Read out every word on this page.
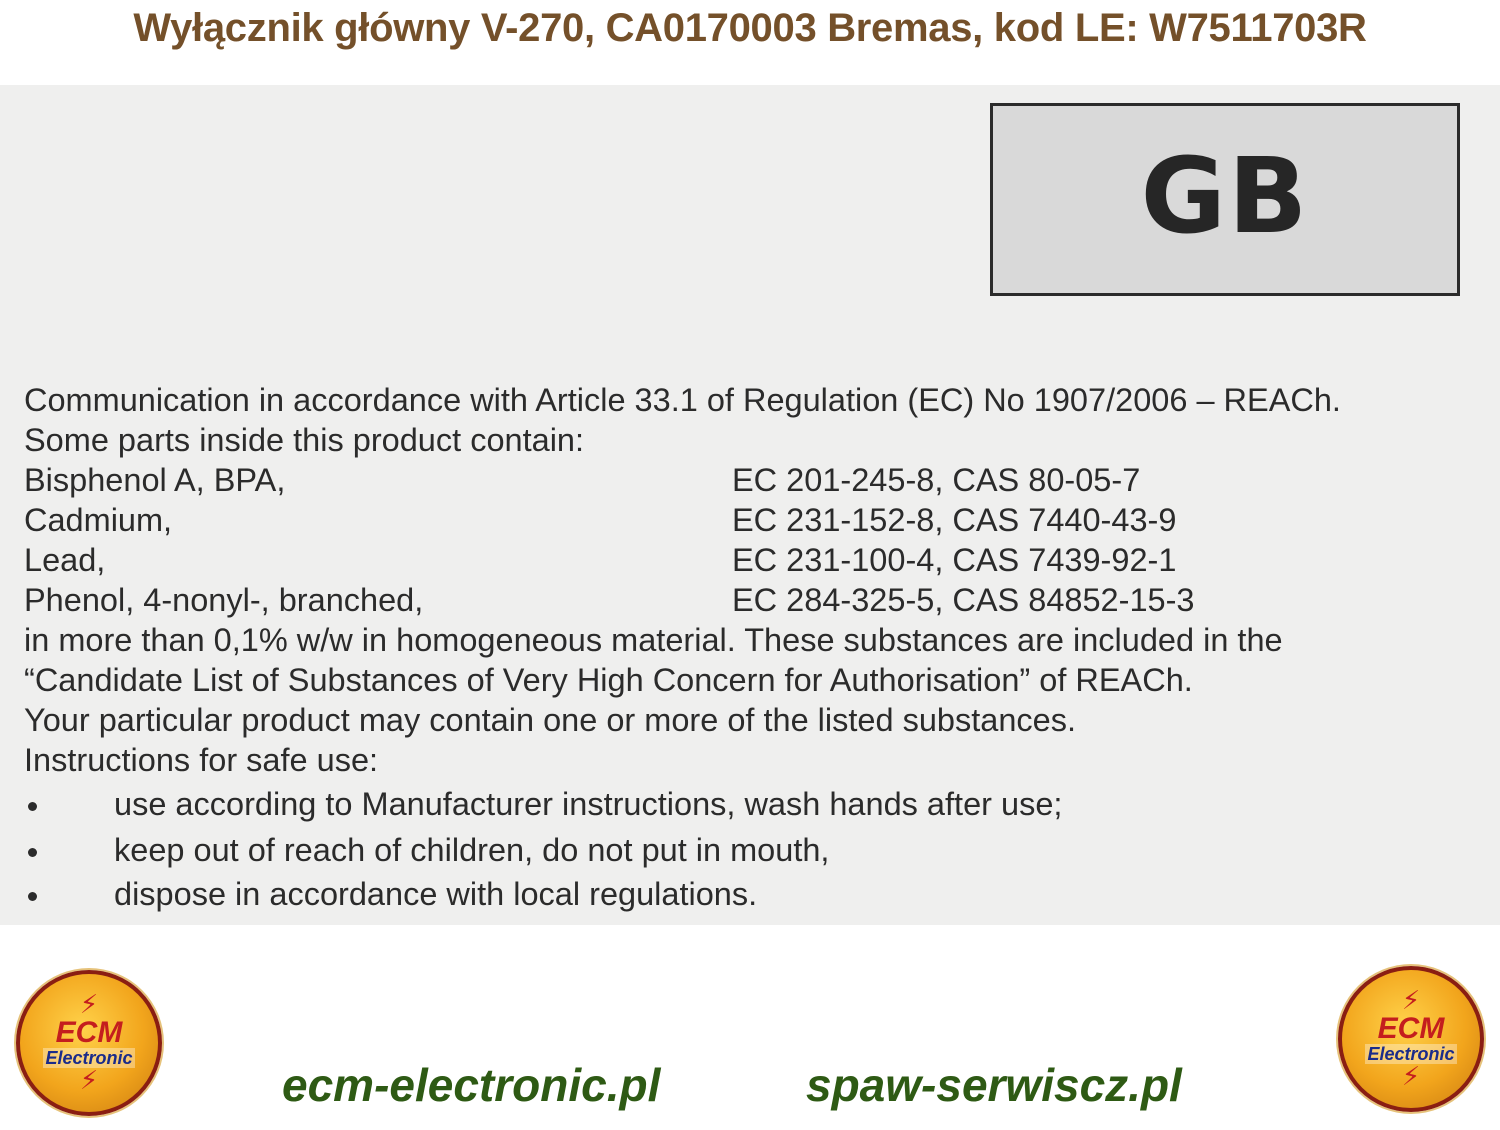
Wyłącznik główny V-270, CA0170003 Bremas, kod LE: W7511703R
GB
Communication in accordance with Article 33.1 of Regulation (EC) No 1907/2006 – REACh.
Some parts inside this product contain:
Bisphenol A, BPA,	EC 201-245-8, CAS 80-05-7
Cadmium,	EC 231-152-8, CAS 7440-43-9
Lead,	EC 231-100-4, CAS 7439-92-1
Phenol, 4-nonyl-, branched,	EC 284-325-5, CAS 84852-15-3
in more than 0,1% w/w in homogeneous material. These substances are included in the
“Candidate List of Substances of Very High Concern for Authorisation” of REACh.
Your particular product may contain one or more of the listed substances.
Instructions for safe use:
use according to Manufacturer instructions, wash hands after use;
keep out of reach of children, do not put in mouth,
dispose in accordance with local regulations.
⚡
ECM
Electronic
⚡
⚡
ECM
Electronic
⚡
ecm-electronic.pl	spaw-serwiscz.pl
